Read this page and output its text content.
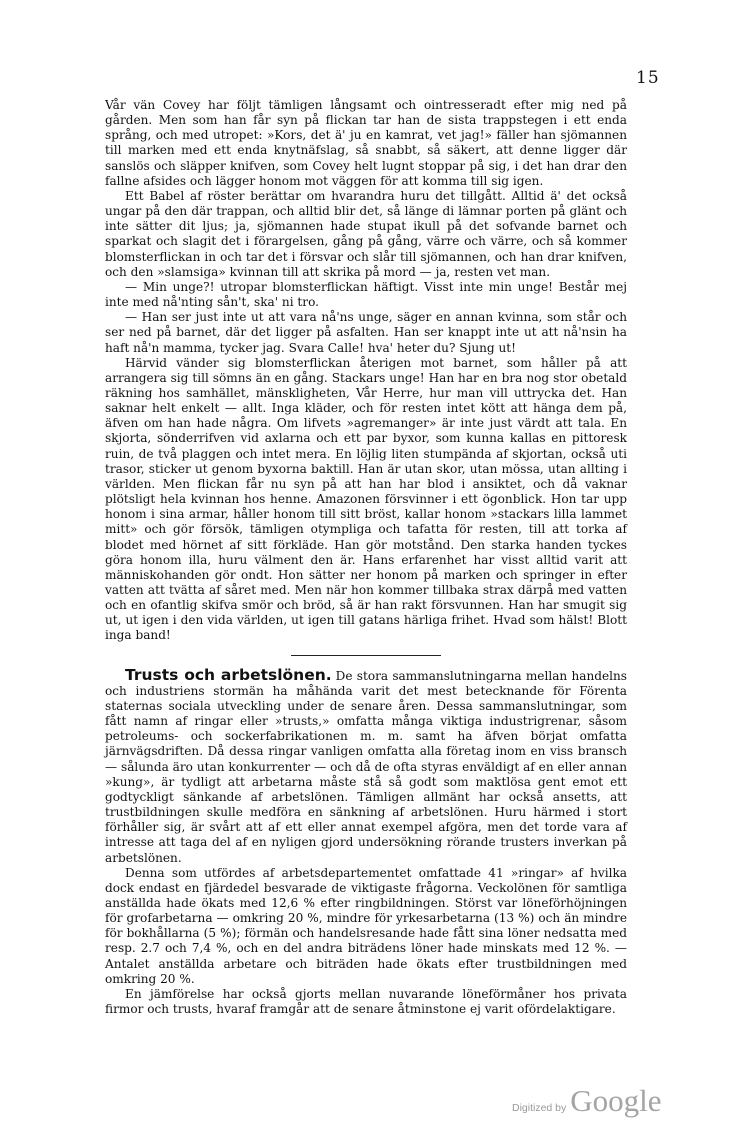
15

Vår vän Covey har följt tämligen långsamt och ointresseradt efter mig ned på gården. Men som han får syn på flickan tar han de sista trappstegen i ett enda språng, och med utropet: »Kors, det ä' ju en kamrat, vet jag!» fäller han sjömannen till marken med ett enda knytnäfslag, så snabbt, så säkert, att denne ligger där sanslös och släpper knifven, som Covey helt lugnt stoppar på sig, i det han drar den fallne afsides och lägger honom mot väggen för att komma till sig igen.

Ett Babel af röster berättar om hvarandra huru det tillgått. Alltid ä' det också ungar på den där trappan, och alltid blir det, så länge di lämnar porten på glänt och inte sätter dit ljus; ja, sjömannen hade stupat ikull på det sofvande barnet och sparkat och slagit det i förargelsen, gång på gång, värre och värre, och så kommer blomsterflickan in och tar det i försvar och slår till sjömannen, och han drar knifven, och den »slamsiga» kvinnan till att skrika på mord — ja, resten vet man.

— Min unge?! utropar blomsterflickan häftigt. Visst inte min unge! Består mej inte med nå'nting sån't, ska' ni tro.

— Han ser just inte ut att vara nå'ns unge, säger en annan kvinna, som står och ser ned på barnet, där det ligger på asfalten. Han ser knappt inte ut att nå'nsin ha haft nå'n mamma, tycker jag. Svara Calle! hva' heter du? Sjung ut!

Härvid vänder sig blomsterflickan återigen mot barnet, som håller på att arrangera sig till sömns än en gång. Stackars unge! Han har en bra nog stor obetald räkning hos samhället, mänskligheten, Vår Herre, hur man vill uttrycka det. Han saknar helt enkelt — allt. Inga kläder, och för resten intet kött att hänga dem på, äfven om han hade några. Om lifvets »agremanger» är inte just värdt att tala. En skjorta, sönderrifven vid axlarna och ett par byxor, som kunna kallas en pittoresk ruin, de två plaggen och intet mera. En löjlig liten stumpända af skjortan, också uti trasor, sticker ut genom byxorna baktill. Han är utan skor, utan mössa, utan allting i världen. Men flickan får nu syn på att han har blod i ansiktet, och då vaknar plötsligt hela kvinnan hos henne. Amazonen försvinner i ett ögonblick. Hon tar upp honom i sina armar, håller honom till sitt bröst, kallar honom »stackars lilla lammet mitt» och gör försök, tämligen otympliga och tafatta för resten, till att torka af blodet med hörnet af sitt förkläde. Han gör motstånd. Den starka handen tyckes göra honom illa, huru välment den är. Hans erfarenhet har visst alltid varit att människohanden gör ondt. Hon sätter ner honom på marken och springer in efter vatten att tvätta af såret med. Men när hon kommer tillbaka strax därpå med vatten och en ofantlig skifva smör och bröd, så är han rakt försvunnen. Han har smugit sig ut, ut igen i den vida världen, ut igen till gatans härliga frihet. Hvad som hälst! Blott inga band!

Trusts och arbetslönen. De stora sammanslutningarna mellan handelns och industriens stormän ha måhända varit det mest betecknande för Förenta staternas sociala utveckling under de senare åren. Dessa sammanslutningar, som fått namn af ringar eller »trusts,» omfatta många viktiga industrigrenar, såsom petroleums- och sockerfabrikationen m. m. samt ha äfven börjat omfatta järnvägsdriften. Då dessa ringar vanligen omfatta alla företag inom en viss bransch — sålunda äro utan konkurrenter — och då de ofta styras enväldigt af en eller annan »kung», är tydligt att arbetarna måste stå så godt som maktlösa gent emot ett godtyckligt sänkande af arbetslönen. Tämligen allmänt har också ansetts, att trustbildningen skulle medföra en sänkning af arbetslönen. Huru härmed i stort förhåller sig, är svårt att af ett eller annat exempel afgöra, men det torde vara af intresse att taga del af en nyligen gjord undersökning rörande trusters inverkan på arbetslönen.

Denna som utfördes af arbetsdepartementet omfattade 41 »ringar» af hvilka dock endast en fjärdedel besvarade de viktigaste frågorna. Veckolönen för samtliga anställda hade ökats med 12,6 % efter ringbildningen. Störst var löneförhöjningen för grofarbetarna — omkring 20 %, mindre för yrkesarbetarna (13 %) och än mindre för bokhållarna (5 %); förmän och handelsresande hade fått sina löner nedsatta med resp. 2.7 och 7,4 %, och en del andra biträdens löner hade minskats med 12 %. — Antalet anställda arbetare och biträden hade ökats efter trustbildningen med omkring 20 %.

En jämförelse har också gjorts mellan nuvarande löneförmåner hos privata firmor och trusts, hvaraf framgår att de senare åtminstone ej varit ofördelaktigare.

Digitized by Google
